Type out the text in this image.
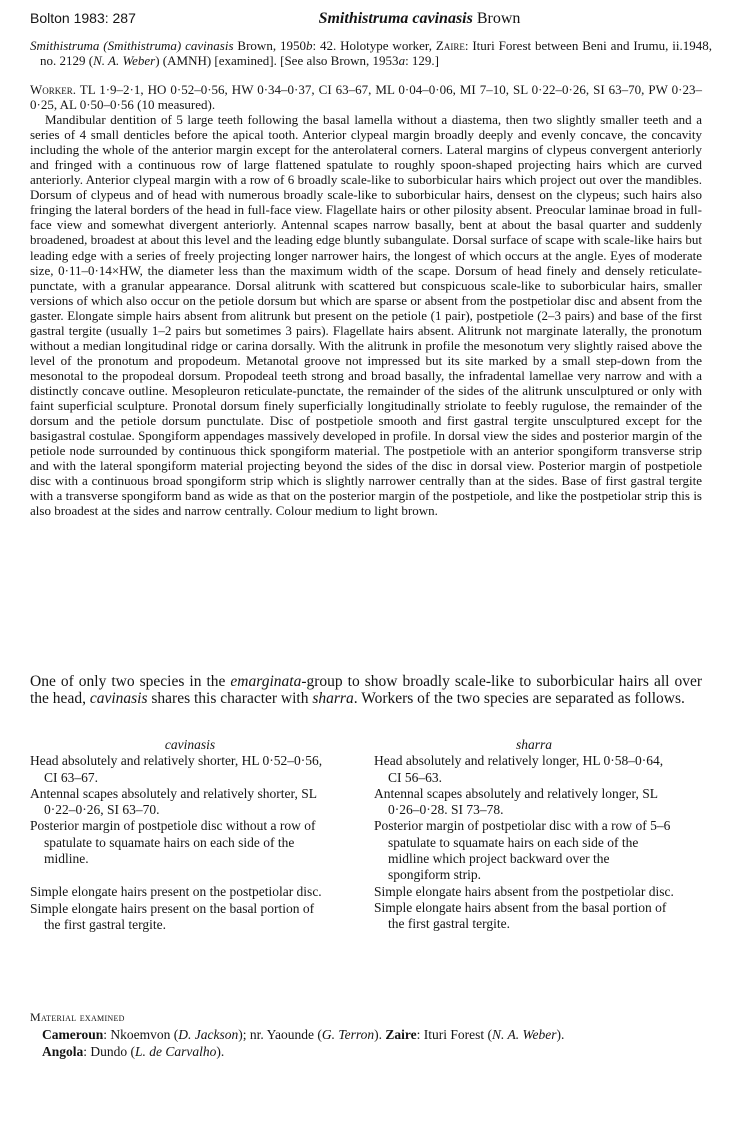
Bolton 1983: 287	Smithistruma cavinasis Brown
Smithistruma (Smithistruma) cavinasis Brown, 1950b: 42. Holotype worker, Zaire: Ituri Forest between Beni and Irumu, ii.1948, no. 2129 (N. A. Weber) (AMNH) [examined]. [See also Brown, 1953a: 129.]

Worker. TL 1·9–2·1, HO 0·52–0·56, HW 0·34–0·37, CI 63–67, ML 0·04–0·06, MI 7–10, SL 0·22–0·26, SI 63–70, PW 0·23–0·25, AL 0·50–0·56 (10 measured).

Mandibular dentition of 5 large teeth following the basal lamella without a diastema, then two slightly smaller teeth and a series of 4 small denticles before the apical tooth. Anterior clypeal margin broadly deeply and evenly concave, the concavity including the whole of the anterior margin except for the anterolateral corners. Lateral margins of clypeus convergent anteriorly and fringed with a continuous row of large flattened spatulate to roughly spoon-shaped projecting hairs which are curved anteriorly. Anterior clypeal margin with a row of 6 broadly scale-like to suborbicular hairs which project out over the mandibles. Dorsum of clypeus and of head with numerous broadly scale-like to suborbicular hairs, densest on the clypeus; such hairs also fringing the lateral borders of the head in full-face view. Flagellate hairs or other pilosity absent. Preocular laminae broad in full-face view and somewhat divergent anteriorly. Antennal scapes narrow basally, bent at about the basal quarter and suddenly broadened, broadest at about this level and the leading edge bluntly subangulate. Dorsal surface of scape with scale-like hairs but leading edge with a series of freely projecting longer narrower hairs, the longest of which occurs at the angle. Eyes of moderate size, 0·11–0·14×HW, the diameter less than the maximum width of the scape. Dorsum of head finely and densely reticulate-punctate, with a granular appearance. Dorsal alitrunk with scattered but conspicuous scale-like to suborbicular hairs, smaller versions of which also occur on the petiole dorsum but which are sparse or absent from the postpetiolar disc and absent from the gaster. Elongate simple hairs absent from alitrunk but present on the petiole (1 pair), postpetiole (2–3 pairs) and base of the first gastral tergite (usually 1–2 pairs but sometimes 3 pairs). Flagellate hairs absent. Alitrunk not marginate laterally, the pronotum without a median longitudinal ridge or carina dorsally. With the alitrunk in profile the mesonotum very slightly raised above the level of the pronotum and propodeum. Metanotal groove not impressed but its site marked by a small step-down from the mesonotal to the propodeal dorsum. Propodeal teeth strong and broad basally, the infradental lamellae very narrow and with a distinctly concave outline. Mesopleuron reticulate-punctate, the remainder of the sides of the alitrunk unsculptured or only with faint superficial sculpture. Pronotal dorsum finely superficially longitudinally striolate to feebly rugulose, the remainder of the dorsum and the petiole dorsum punctulate. Disc of postpetiole smooth and first gastral tergite unsculptured except for the basigastral costulae. Spongiform appendages massively developed in profile. In dorsal view the sides and posterior margin of the petiole node surrounded by continuous thick spongiform material. The postpetiole with an anterior spongiform transverse strip and with the lateral spongiform material projecting beyond the sides of the disc in dorsal view. Posterior margin of postpetiole disc with a continuous broad spongiform strip which is slightly narrower centrally than at the sides. Base of first gastral tergite with a transverse spongiform band as wide as that on the posterior margin of the postpetiole, and like the postpetiolar strip this is also broadest at the sides and narrow centrally. Colour medium to light brown.

One of only two species in the emarginata-group to show broadly scale-like to suborbicular hairs all over the head, cavinasis shares this character with sharra. Workers of the two species are separated as follows.
cavinasis

Head absolutely and relatively shorter, HL 0·52–0·56, CI 63–67.

Antennal scapes absolutely and relatively shorter, SL 0·22–0·26, SI 63–70.

Posterior margin of postpetiole disc without a row of spatulate to squamate hairs on each side of the midline.

Simple elongate hairs present on the postpetiolar disc.

Simple elongate hairs present on the basal portion of the first gastral tergite.

sharra

Head absolutely and relatively longer, HL 0·58–0·64, CI 56–63.

Antennal scapes absolutely and relatively longer, SL 0·26–0·28. SI 73–78.

Posterior margin of postpetiolar disc with a row of 5–6 spatulate to squamate hairs on each side of the midline which project backward over the spongiform strip.

Simple elongate hairs absent from the postpetiolar disc.

Simple elongate hairs absent from the basal portion of the first gastral tergite.

Material examined
Cameroun: Nkoemvon (D. Jackson); nr. Yaounde (G. Terron). Zaire: Ituri Forest (N. A. Weber).
Angola: Dundo (L. de Carvalho).
